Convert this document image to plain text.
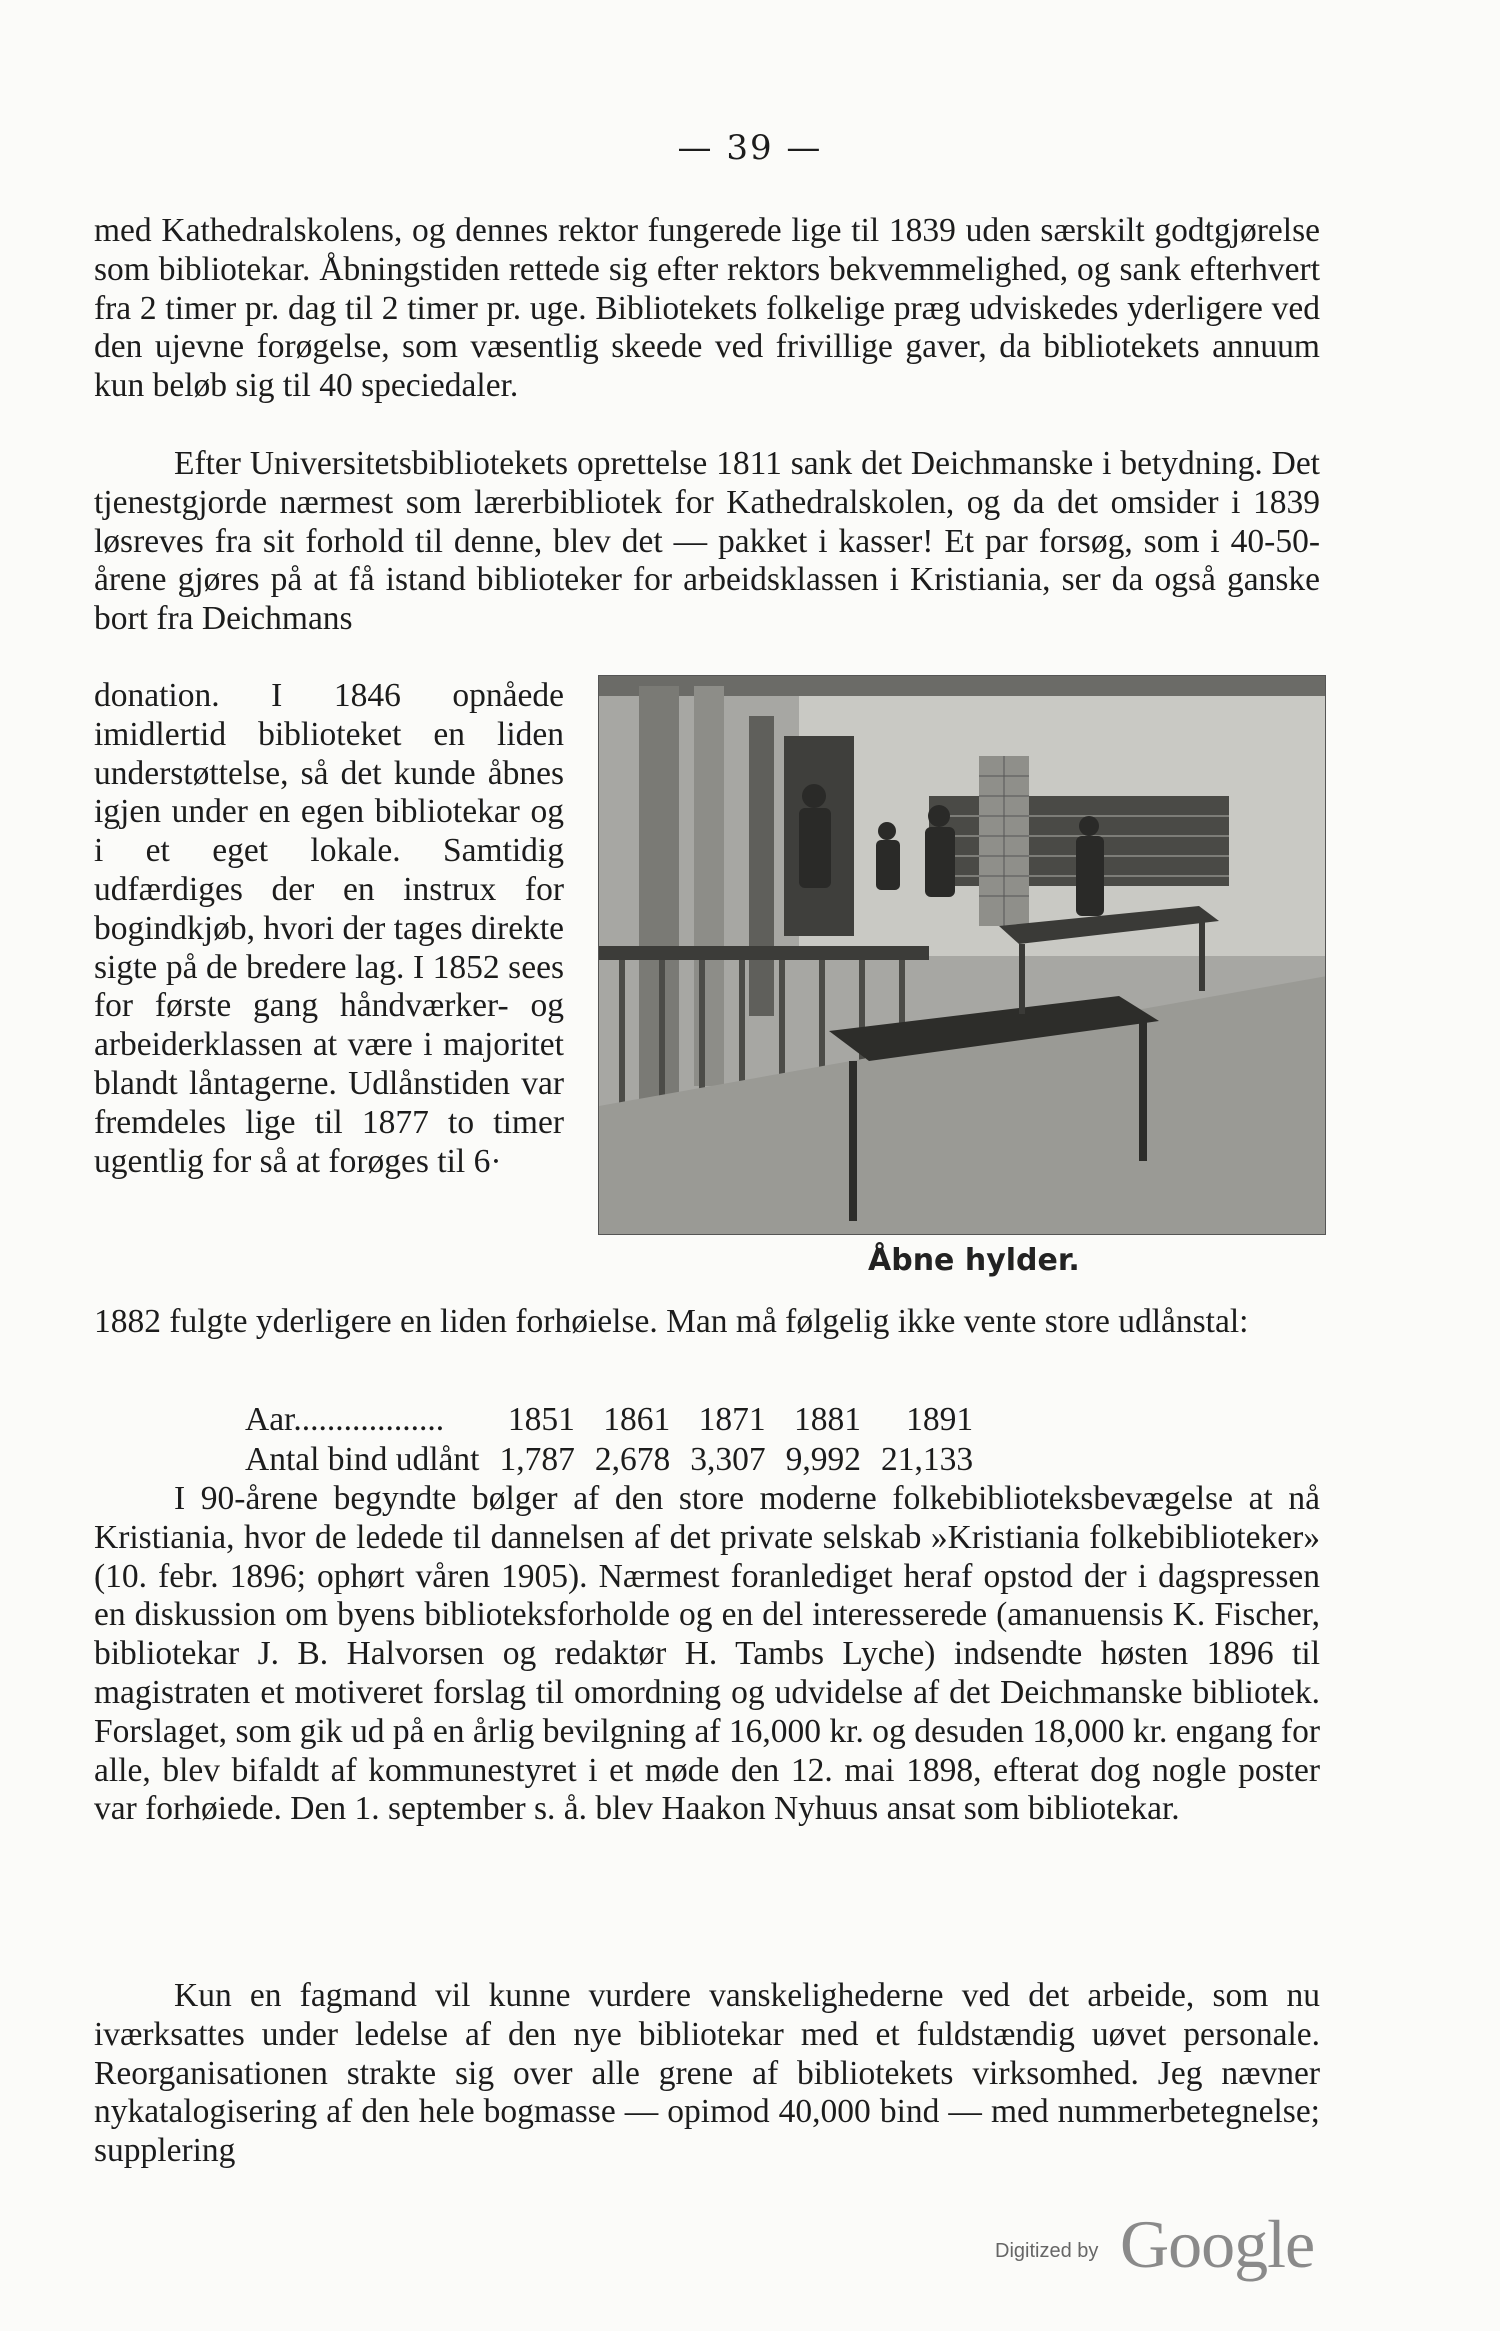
— 39 —

med Kathedralskolens, og dennes rektor fungerede lige til 1839 uden særskilt godtgjørelse som bibliotekar. Åbningstiden rettede sig efter rektors bekvemmelighed, og sank efterhvert fra 2 timer pr. dag til 2 timer pr. uge. Bibliotekets folkelige præg udviskedes yderligere ved den ujevne forøgelse, som væsentlig skeede ved frivillige gaver, da bibliotekets annuum kun beløb sig til 40 speciedaler.

Efter Universitetsbibliotekets oprettelse 1811 sank det Deichmanske i betydning. Det tjenestgjorde nærmest som lærerbibliotek for Kathedralskolen, og da det omsider i 1839 løsreves fra sit forhold til denne, blev det — pakket i kasser! Et par forsøg, som i 40-50-årene gjøres på at få istand biblioteker for arbeidsklassen i Kristiania, ser da også ganske bort fra Deichmans

donation. I 1846 opnåede imidlertid biblioteket en liden understøttelse, så det kunde åbnes igjen under en egen bibliotekar og i et eget lokale. Samtidig udfærdiges der en instrux for bogindkjøb, hvori der tages direkte sigte på de bredere lag. I 1852 sees for første gang håndværker- og arbeiderklassen at være i majoritet blandt låntagerne. Udlånstiden var fremdeles lige til 1877 to timer ugentlig for så at forøges til 6·

Åbne hylder.

1882 fulgte yderligere en liden forhøielse. Man må følgelig ikke vente store udlånstal:

Aar..................	1851	1861	1871	1881	1891
Antal bind udlånt	1,787	2,678	3,307	9,992	21,133

I 90-årene begyndte bølger af den store moderne folkebiblioteksbevægelse at nå Kristiania, hvor de ledede til dannelsen af det private selskab »Kristiania folkebiblioteker» (10. febr. 1896; ophørt våren 1905). Nærmest foranlediget heraf opstod der i dagspressen en diskussion om byens biblioteksforholde og en del interesserede (amanuensis K. Fischer, bibliotekar J. B. Halvorsen og redaktør H. Tambs Lyche) indsendte høsten 1896 til magistraten et motiveret forslag til omordning og udvidelse af det Deichmanske bibliotek. Forslaget, som gik ud på en årlig bevilgning af 16,000 kr. og desuden 18,000 kr. engang for alle, blev bifaldt af kommunestyret i et møde den 12. mai 1898, efterat dog nogle poster var forhøiede. Den 1. september s. å. blev Haakon Nyhuus ansat som bibliotekar.

Kun en fagmand vil kunne vurdere vanskelighederne ved det arbeide, som nu iværksattes under ledelse af den nye bibliotekar med et fuldstændig uøvet personale. Reorganisationen strakte sig over alle grene af bibliotekets virksomhed. Jeg nævner nykatalogisering af den hele bogmasse — opimod 40,000 bind — med nummerbetegnelse; supplering

Digitized by Google
